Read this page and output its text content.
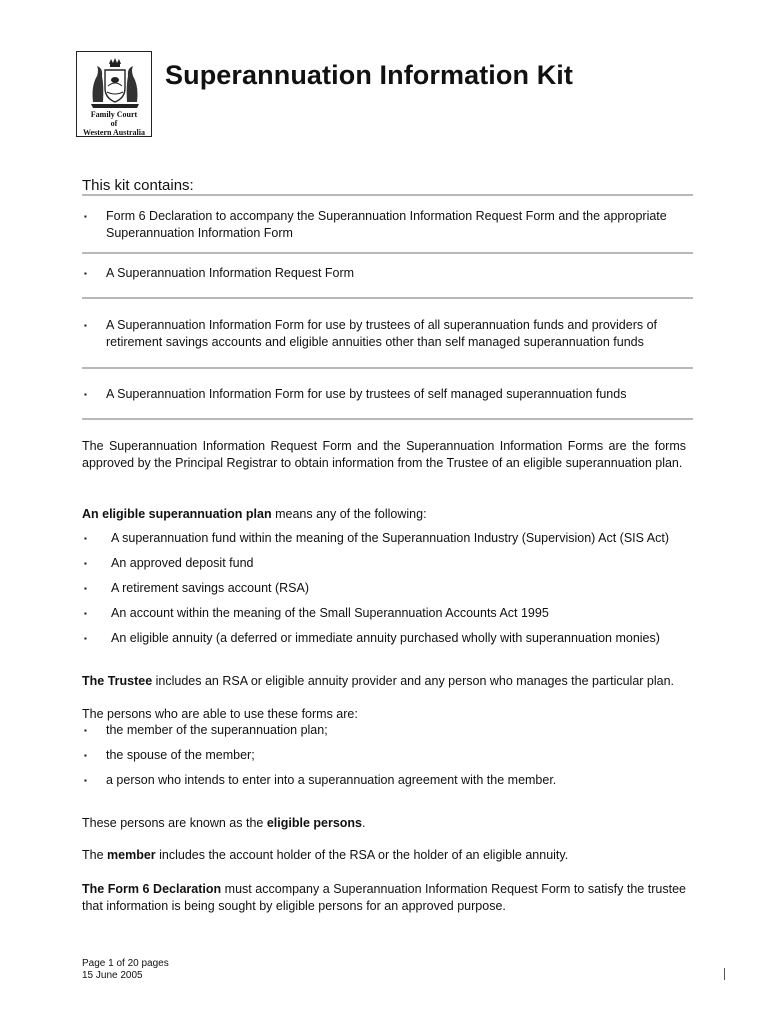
Family Court
of
Western Australia
Superannuation Information Kit
This kit contains:
▪	Form 6 Declaration to accompany the Superannuation Information Request Form and the appropriate Superannuation Information Form
▪	A Superannuation Information Request Form
▪	A Superannuation Information Form for use by trustees of all superannuation funds and providers of retirement savings accounts and eligible annuities other than self managed superannuation funds
▪	A Superannuation Information Form for use by trustees of self managed superannuation funds

The Superannuation Information Request Form and the Superannuation Information Forms are the forms approved by the Principal Registrar to obtain information from the Trustee of an eligible superannuation plan.

An eligible superannuation plan means any of the following:

▪	A superannuation fund within the meaning of the Superannuation Industry (Supervision) Act (SIS Act)
▪	An approved deposit fund
▪	A retirement savings account (RSA)
▪	An account within the meaning of the Small Superannuation Accounts Act 1995
▪	An eligible annuity (a deferred or immediate annuity purchased wholly with superannuation monies)

The Trustee includes an RSA or eligible annuity provider and any person who manages the particular plan.

The persons who are able to use these forms are:

▪	the member of the superannuation plan;
▪	the spouse of the member;
▪	a person who intends to enter into a superannuation agreement with the member.

These persons are known as the eligible persons.

The member includes the account holder of the RSA or the holder of an eligible annuity.

The Form 6 Declaration must accompany a Superannuation Information Request Form to satisfy the trustee that information is being sought by eligible persons for an approved purpose.

Page 1 of 20 pages
15 June 2005
